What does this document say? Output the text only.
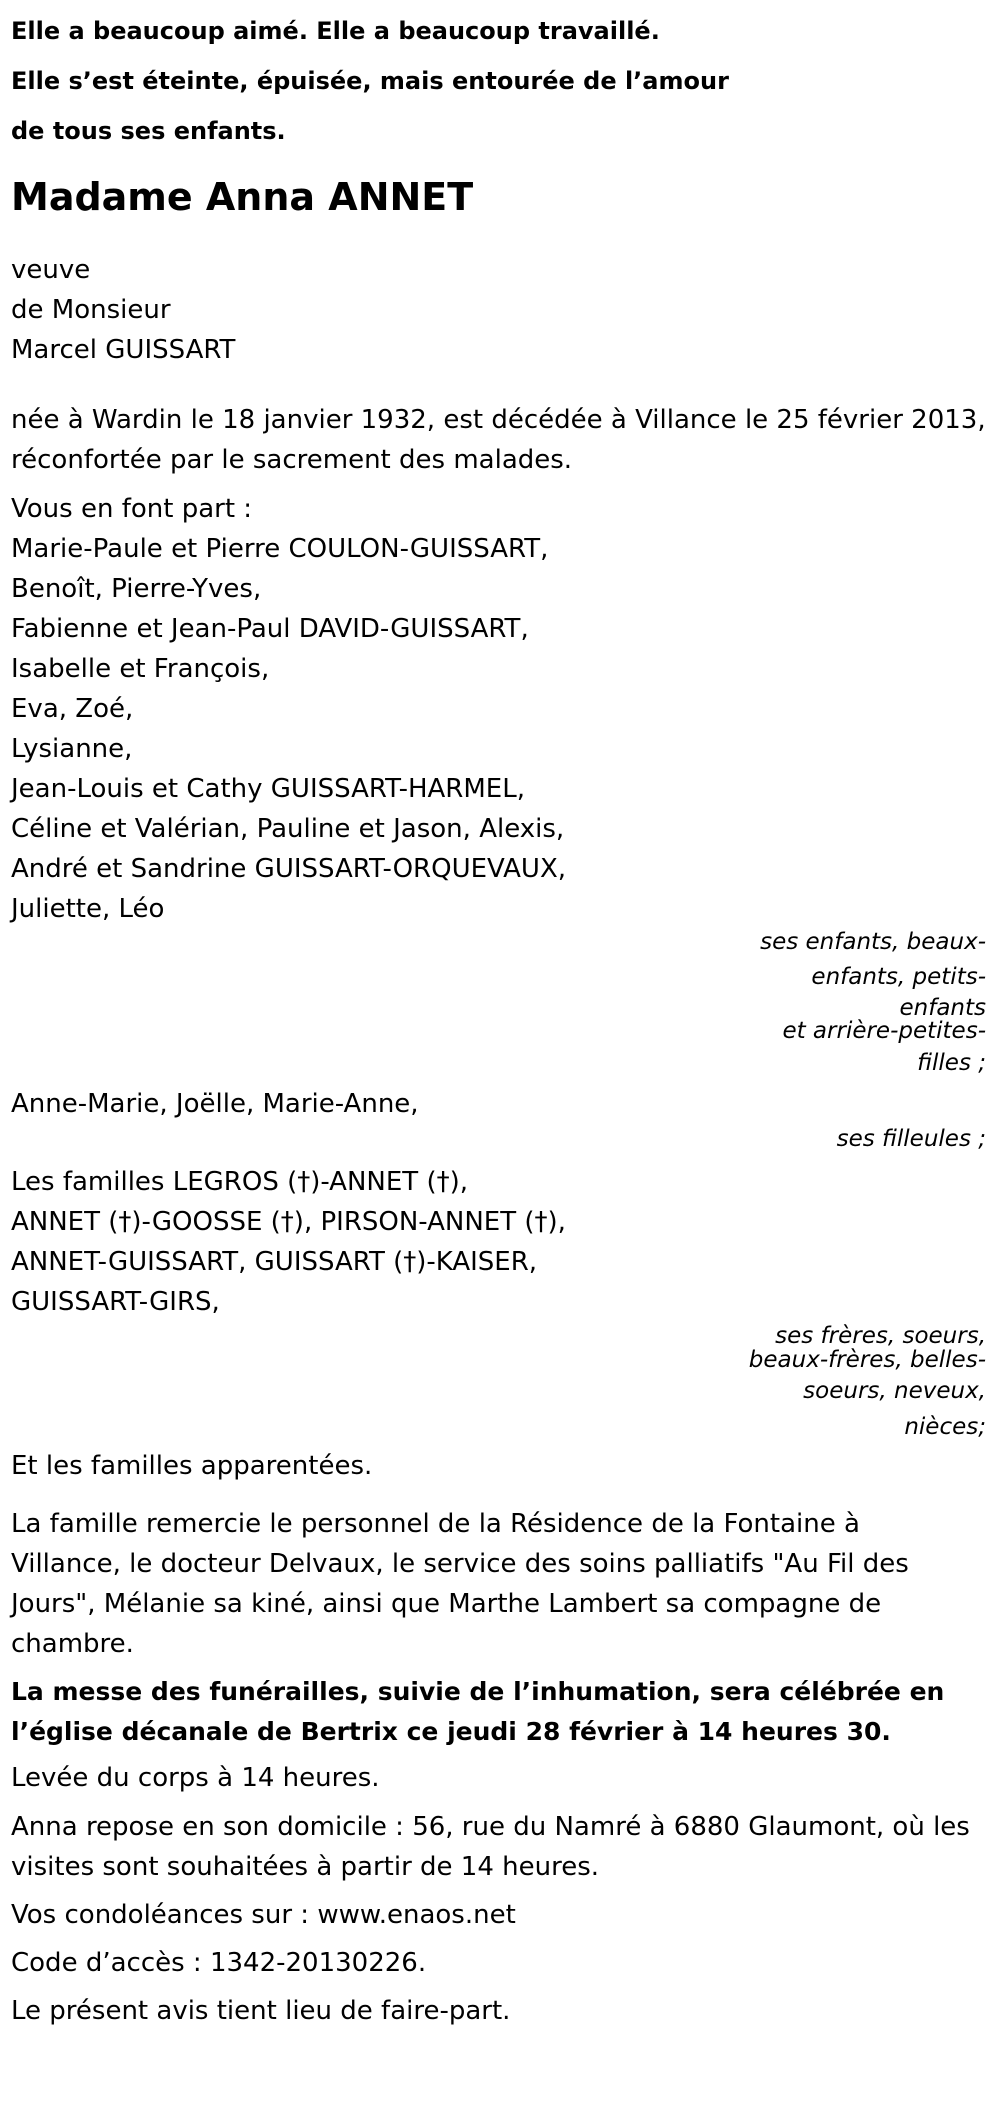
Elle a beaucoup aimé. Elle a beaucoup travaillé.
Elle s’est éteinte, épuisée, mais entourée de l’amour
de tous ses enfants.
Madame Anna ANNET
veuve
de Monsieur
Marcel GUISSART
née à Wardin le 18 janvier 1932, est décédée à Villance le 25 février 2013,
réconfortée par le sacrement des malades.
Vous en font part :
Marie-Paule et Pierre COULON-GUISSART,
Benoît, Pierre-Yves,
Fabienne et Jean-Paul DAVID-GUISSART,
Isabelle et François,
Eva, Zoé,
Lysianne,
Jean-Louis et Cathy GUISSART-HARMEL,
Céline et Valérian, Pauline et Jason, Alexis,
André et Sandrine GUISSART-ORQUEVAUX,
Juliette, Léo
ses enfants, beaux-
enfants, petits-
enfants
et arrière-petites-
filles ;
Anne-Marie, Joëlle, Marie-Anne,
ses filleules ;
Les familles LEGROS (†)-ANNET (†),
ANNET (†)-GOOSSE (†), PIRSON-ANNET (†),
ANNET-GUISSART, GUISSART (†)-KAISER,
GUISSART-GIRS,
ses frères, soeurs,
beaux-frères, belles-
soeurs, neveux,
nièces;
Et les familles apparentées.
La famille remercie le personnel de la Résidence de la Fontaine à
Villance, le docteur Delvaux, le service des soins palliatifs "Au Fil des
Jours", Mélanie sa kiné, ainsi que Marthe Lambert sa compagne de
chambre.
La messe des funérailles, suivie de l’inhumation, sera célébrée en
l’église décanale de Bertrix ce jeudi 28 février à 14 heures 30.
Levée du corps à 14 heures.
Anna repose en son domicile : 56, rue du Namré à 6880 Glaumont, où les
visites sont souhaitées à partir de 14 heures.
Vos condoléances sur : www.enaos.net
Code d’accès : 1342-20130226.
Le présent avis tient lieu de faire-part.
